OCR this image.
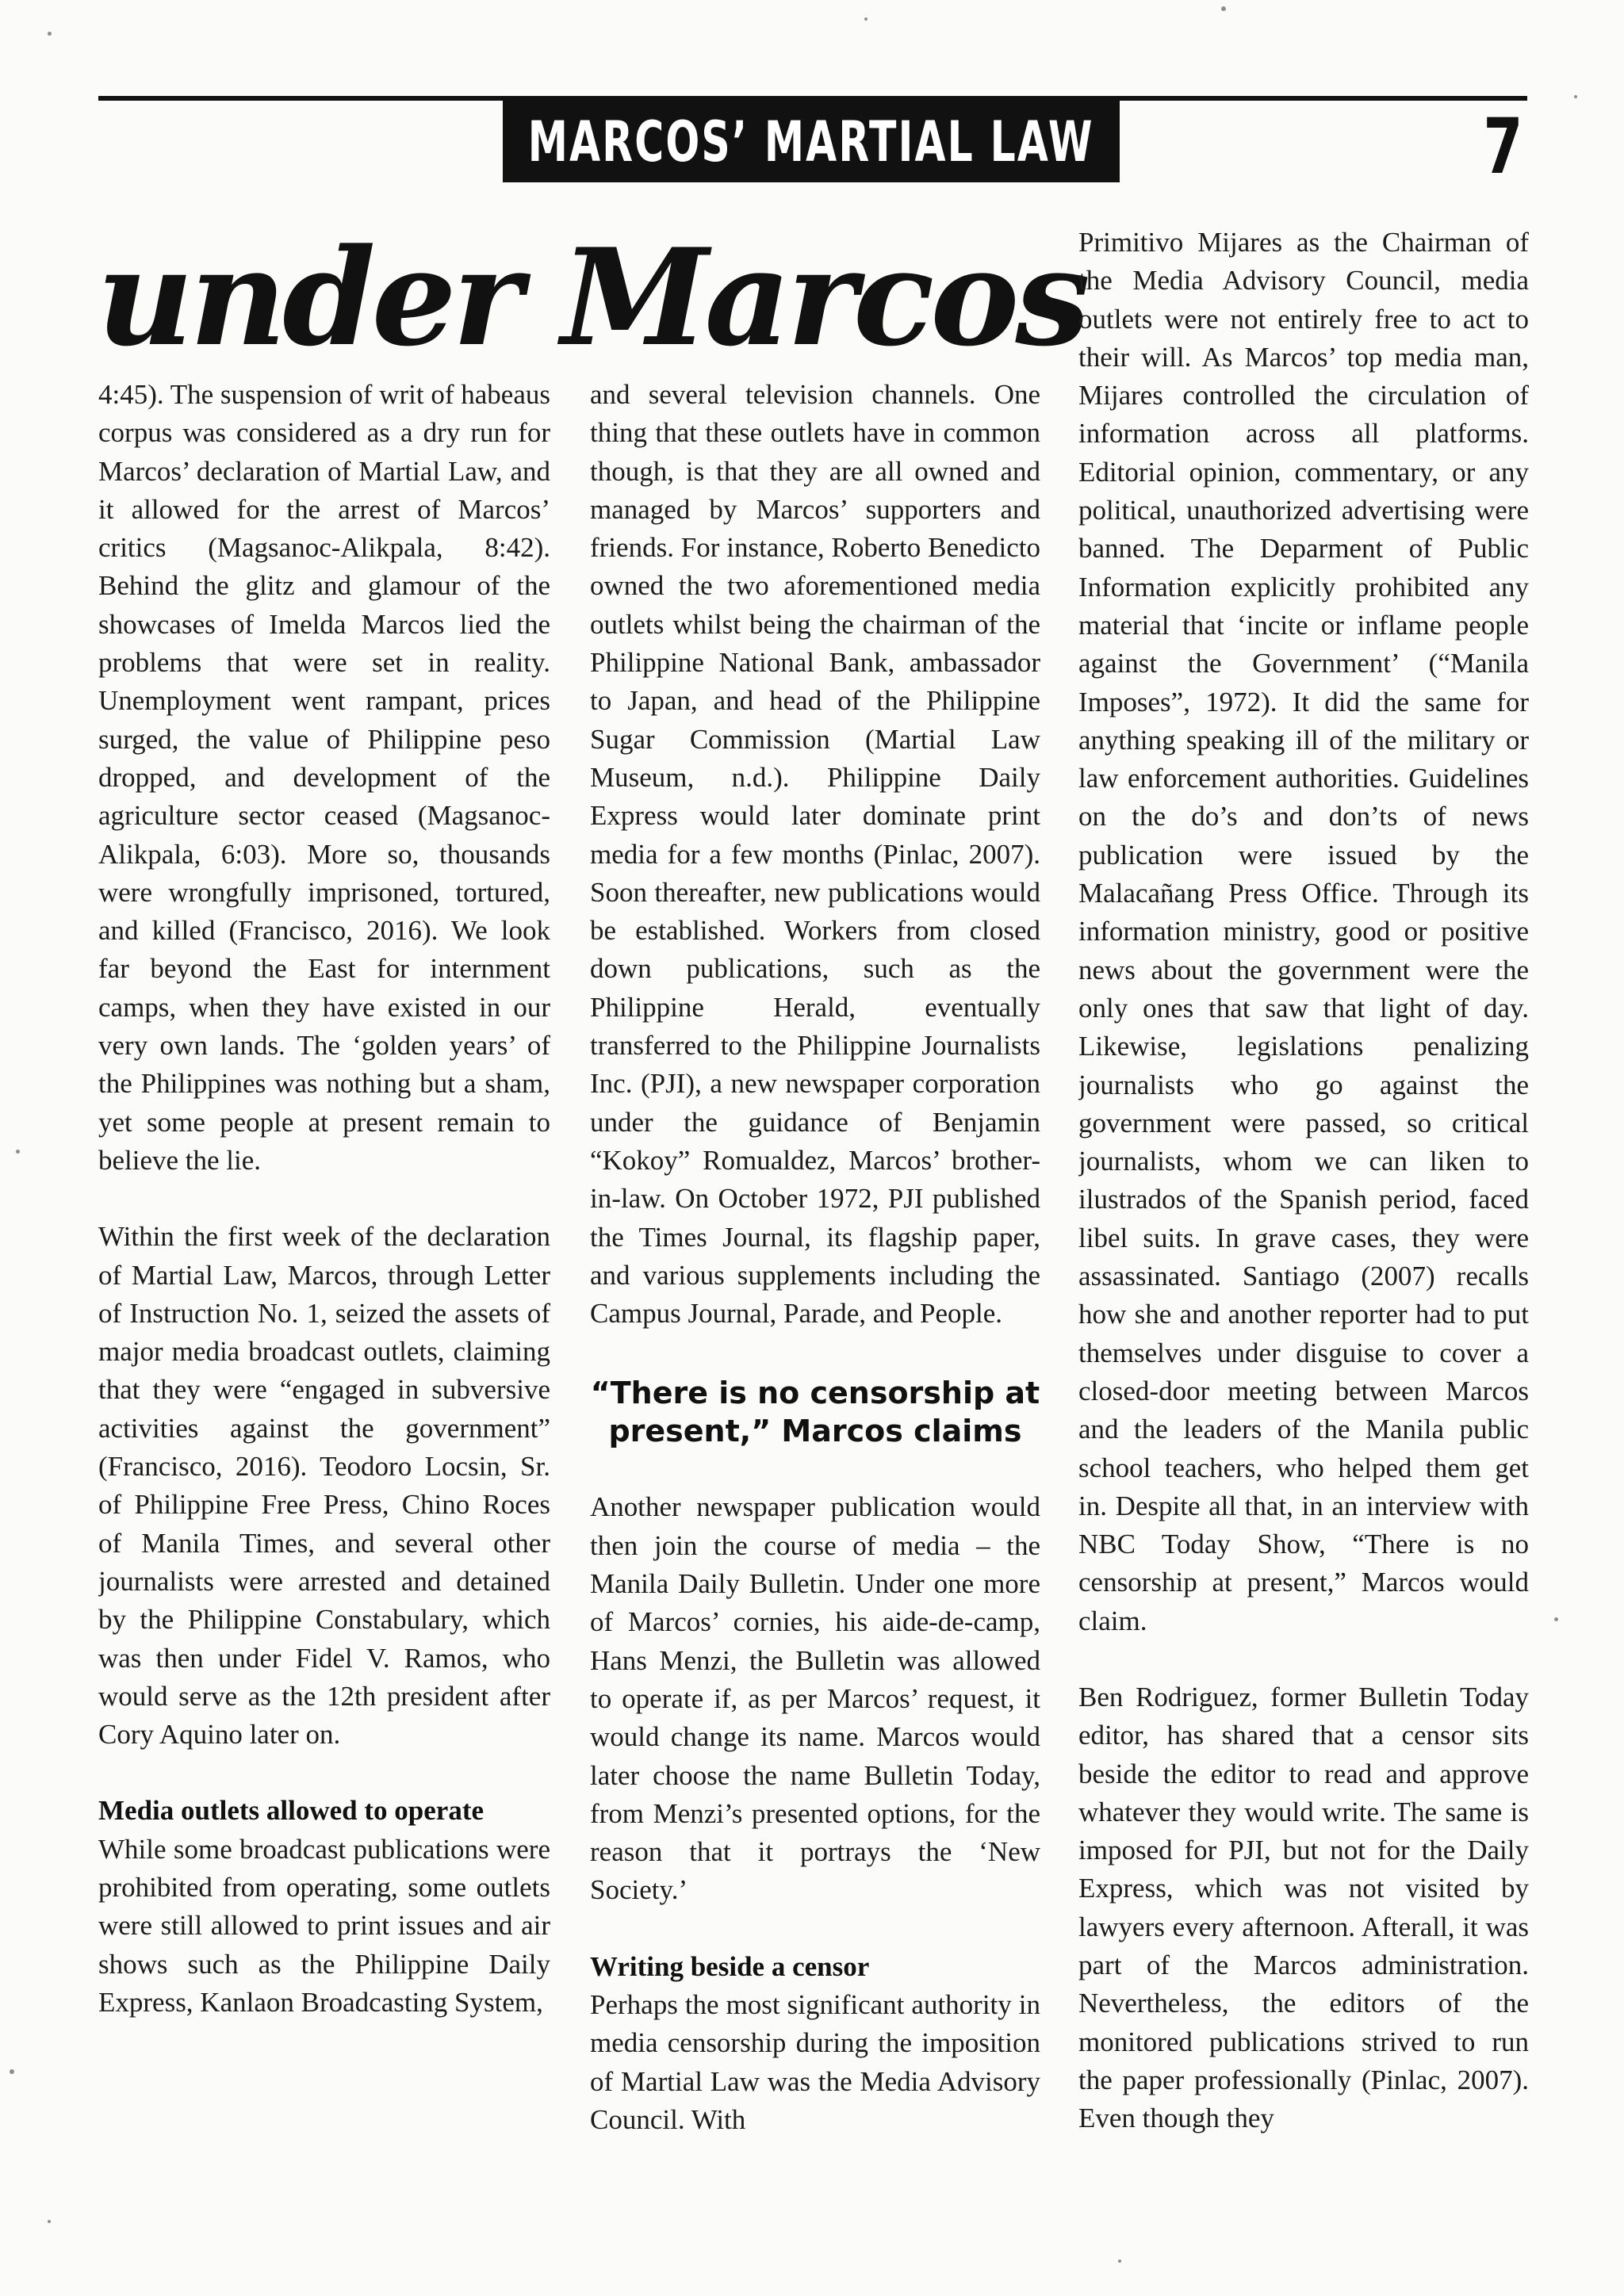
MARCOS’ MARTIAL LAW	7
under Marcos

4:45). The suspension of writ of habeaus corpus was considered as a dry run for Marcos’ declaration of Martial Law, and it allowed for the arrest of Marcos’ critics (Magsanoc-Alikpala, 8:42). Behind the glitz and glamour of the showcases of Imelda Marcos lied the problems that were set in reality. Unemployment went rampant, prices surged, the value of Philippine peso dropped, and development of the agriculture sector ceased (Magsanoc-Alikpala, 6:03). More so, thousands were wrongfully imprisoned, tortured, and killed (Francisco, 2016). We look far beyond the East for internment camps, when they have existed in our very own lands. The ‘golden years’ of the Philippines was nothing but a sham, yet some people at present remain to believe the lie.

Within the first week of the declaration of Martial Law, Marcos, through Letter of Instruction No. 1, seized the assets of major media broadcast outlets, claiming that they were “engaged in subversive activities against the government” (Francisco, 2016). Teodoro Locsin, Sr. of Philippine Free Press, Chino Roces of Manila Times, and several other journalists were arrested and detained by the Philippine Constabulary, which was then under Fidel V. Ramos, who would serve as the 12th president after Cory Aquino later on.

Media outlets allowed to operate

While some broadcast publications were prohibited from operating, some outlets were still allowed to print issues and air shows such as the Philippine Daily Express, Kanlaon Broadcasting System,

and several television channels. One thing that these outlets have in common though, is that they are all owned and managed by Marcos’ supporters and friends. For instance, Roberto Benedicto owned the two aforementioned media outlets whilst being the chairman of the Philippine National Bank, ambassador to Japan, and head of the Philippine Sugar Commission (Martial Law Museum, n.d.). Philippine Daily Express would later dominate print media for a few months (Pinlac, 2007). Soon thereafter, new publications would be established. Workers from closed down publications, such as the Philippine Herald, eventually transferred to the Philippine Journalists Inc. (PJI), a new newspaper corporation under the guidance of Benjamin “Kokoy” Romualdez, Marcos’ brother-in-law. On October 1972, PJI published the Times Journal, its flagship paper, and various supplements including the Campus Journal, Parade, and People.

“There is no censorship at present,” Marcos claims

Another newspaper publication would then join the course of media – the Manila Daily Bulletin. Under one more of Marcos’ cornies, his aide-de-camp, Hans Menzi, the Bulletin was allowed to operate if, as per Marcos’ request, it would change its name. Marcos would later choose the name Bulletin Today, from Menzi’s presented options, for the reason that it portrays the ‘New Society.’

Writing beside a censor

Perhaps the most significant authority in media censorship during the imposition of Martial Law was the Media Advisory Council. With

Primitivo Mijares as the Chairman of the Media Advisory Council, media outlets were not entirely free to act to their will. As Marcos’ top media man, Mijares controlled the circulation of information across all platforms. Editorial opinion, commentary, or any political, unauthorized advertising were banned. The Deparment of Public Information explicitly prohibited any material that ‘incite or inflame people against the Government’ (“Manila Imposes”, 1972). It did the same for anything speaking ill of the military or law enforcement authorities. Guidelines on the do’s and don’ts of news publication were issued by the Malacañang Press Office. Through its information ministry, good or positive news about the government were the only ones that saw that light of day. Likewise, legislations penalizing journalists who go against the government were passed, so critical journalists, whom we can liken to ilustrados of the Spanish period, faced libel suits. In grave cases, they were assassinated. Santiago (2007) recalls how she and another reporter had to put themselves under disguise to cover a closed-door meeting between Marcos and the leaders of the Manila public school teachers, who helped them get in. Despite all that, in an interview with NBC Today Show, “There is no censorship at present,” Marcos would claim.

Ben Rodriguez, former Bulletin Today editor, has shared that a censor sits beside the editor to read and approve whatever they would write. The same is imposed for PJI, but not for the Daily Express, which was not visited by lawyers every afternoon. Afterall, it was part of the Marcos administration. Nevertheless, the editors of the monitored publications strived to run the paper professionally (Pinlac, 2007). Even though they
